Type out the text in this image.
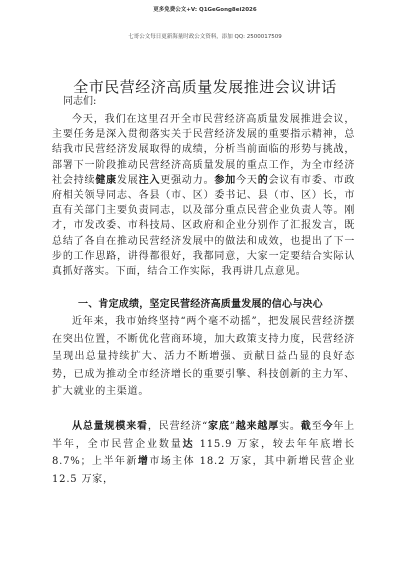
更多免费公文+V: Q1GeGong8ei2026
七哥公文每日更新海量时政公文资料，添加 QQ: 2500017509
全市民营经济高质量发展推进会议讲话
同志们:

今天，我们在这里召开全市民营经济高质量发展推进会议，主要任务是深入贯彻落实关于民营经济发展的重要指示精神，总结我市民营经济发展取得的成绩，分析当前面临的形势与挑战，部署下一阶段推动民营经济高质量发展的重点工作，为全市经济社会持续健康发展注入更强动力。参加今天的会议有市委、市政府相关领导同志、各县（市、区）委书记、县（市、区）长，市直有关部门主要负责同志，以及部分重点民营企业负责人等。刚才，市发改委、市科技局、区政府和企业分别作了汇报发言，既总结了各自在推动民营经济发展中的做法和成效，也提出了下一步的工作思路，讲得都很好，我都同意，大家一定要结合实际认真抓好落实。下面，结合工作实际，我再讲几点意见。

一、肯定成绩，坚定民营经济高质量发展的信心与决心

近年来，我市始终坚持“两个毫不动摇”，把发展民营经济摆在突出位置，不断优化营商环境，加大政策支持力度，民营经济呈现出总量持续扩大、活力不断增强、贡献日益凸显的良好态势，已成为推动全市经济增长的重要引擎、科技创新的主力军、扩大就业的主渠道。

从总量规模来看，民营经济“家底”越来越厚实。截至今年上半年，全市民营企业数量达 115.9 万家，较去年年底增长 8.7%；上半年新增市场主体 18.2 万家，其中新增民营企业 12.5 万家，
